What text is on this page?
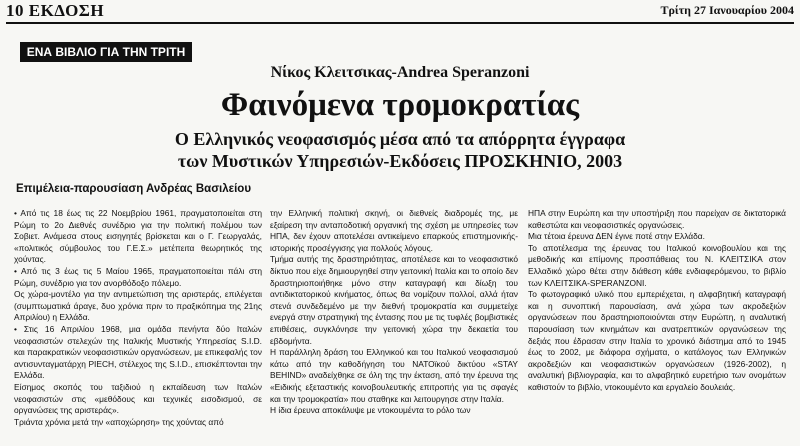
10 ΕΚΔΟΣΗ	Τρίτη 27 Ιανουαρίου 2004
ΕΝΑ ΒΙΒΛΙΟ ΓΙΑ ΤΗΝ ΤΡΙΤΗ
Νίκος Κλειτσικας-Andrea Speranzoni
Φαινόμενα τρομοκρατίας
Ο Ελληνικός νεοφασισμός μέσα από τα απόρρητα έγγραφα
των Μυστικών Υπηρεσιών-Εκδόσεις ΠΡΟΣΚΗΝΙΟ, 2003
Επιμέλεια-παρουσίαση Ανδρέας Βασιλείου

• Από τις 18 έως τις 22 Νοεμβρίου 1961, πραγματοποιείται στη Ρώμη το 2ο Διεθνές συνέδριο για την πολιτική πολέμου των Σοβιετ. Ανάμεσα στους εισηγητές βρίσκεται και ο Γ. Γεωργαλάς, «πολιτικός σύμβουλος του Γ.Ε.Σ.» μετέπειτα θεωρητικός της χούντας.

• Από τις 3 έως τις 5 Μαίου 1965, πραγματοποιείται πάλι στη Ρώμη, συνέδριο για τον ανορθόδοξο πόλεμο.

Ος χώρα-μοντέλο για την αντιμετώπιση της αριστεράς, επιλέγεται (συμπτωματικά άραγε, δυο χρόνια πριν το πραξικόπημα της 21ης Απριλίου) η Ελλάδα.

• Στις 16 Απριλίου 1968, μια ομάδα πενήντα δύο Ιταλών νεοφασιστών στελεχών της Ιταλικής Μυστικής Υπηρεσίας S.I.D. και παρακρατικών νεοφασιστικών οργανώσεων, με επικεφαλής τον αντισυνταγματάρχη PIECH, στέλεχος της S.I.D., επισκέπτονται την Ελλάδα.

Είσημος σκοπός του ταξιδιού η εκπαίδευση των Ιταλών νεοφασιστών στις «μεθόδους και τεχνικές εισοδισμού, σε οργανώσεις της αριστεράς».

Τριάντα χρόνια μετά την «αποχώρηση» της χούντας από

την Ελληνική πολιτική σκηνή, οι διεθνείς διαδρομές της, με εξαίρεση την ανταποδοτική οργανική της σχέση με υπηρεσίες των ΗΠΑ, δεν έχουν αποτελέσει αντικείμενο επαρκούς επιστημονικής-ιστορικής προσέγγισης για πολλούς λόγους.

Τμήμα αυτής της δραστηριότητας, αποτέλεσε και το νεοφασιστικό δίκτυο που είχε δημιουργηθεί στην γειτονική Ιταλία και το οποίο δεν δραστηριοποιήθηκε μόνο στην καταγραφή και δίωξη του αντιδικτατορικού κινήματος, όπως θα νομίζουν πολλοί, αλλά ήταν στενά συνδεδεμένο με την διεθνή τρομοκρατία και συμμετείχε ενεργά στην στρατηγική της έντασης που με τις τυφλές βομβιστικές επιθέσεις, συγκλόνησε την γειτονική χώρα την δεκαετία του εβδομήντα.

Η παράλληλη δράση του Ελληνικού και του Ιταλικού νεοφασισμού κάτω από την καθοδήγηση του ΝΑΤΟϊκού δικτύου «STAY BEHIND» αναδείχθηκε σε όλη της την έκταση, από την έρευνα της «Ειδικής εξεταστικής κοινοβουλευτικής επιτροπής για τις σφαγές και την τρομοκρατία» που σταθηκε και λειτουργησε στην Ιταλία.

Η ίδια έρευνα αποκάλυψε με ντοκουμέντα το ρόλο των

ΗΠΑ στην Ευρώπη και την υποστήριξη που παρείχαν σε δικτατορικά καθεστώτα και νεοφασιστικές οργανώσεις.

Μια τέτοια έρευνα ΔΕΝ έγινε ποτέ στην Ελλάδα.

Το αποτέλεσμα της έρευνας του Ιταλικού κοινοβουλίου και της μεθοδικής και επίμονης προσπάθειας του Ν. ΚΛΕΙΤΣΙΚΑ στον Ελλαδικό χώρο θέτει στην διάθεση κάθε ενδιαφερόμενου, το βιβλίο των ΚΛΕΙΤΣΙΚΑ-SPERANZONI.

Το φωτογραφικό υλικό που εμπεριέχεται, η αλφαβητική καταγραφή και η συνοπτική παρουσίαση, ανά χώρα των ακροδεξιών οργανώσεων που δραστηριοποιούνται στην Ευρώπη, η αναλυτική παρουσίαση των κινημάτων και ανατρεπτικών οργανώσεων της δεξιάς που έδρασαν στην Ιταλία το χρονικό διάστημα από το 1945 έως το 2002, με διάφορα σχήματα, ο κατάλογος των Ελληνικών ακροδεξιών και νεοφασιστικών οργανώσεων (1926-2002), η αναλυτική βιβλιογραφία, και το αλφαβητικό ευρετήριο των ονομάτων καθιστούν το βιβλίο, ντοκουμέντο και εργαλείο δουλειάς.
